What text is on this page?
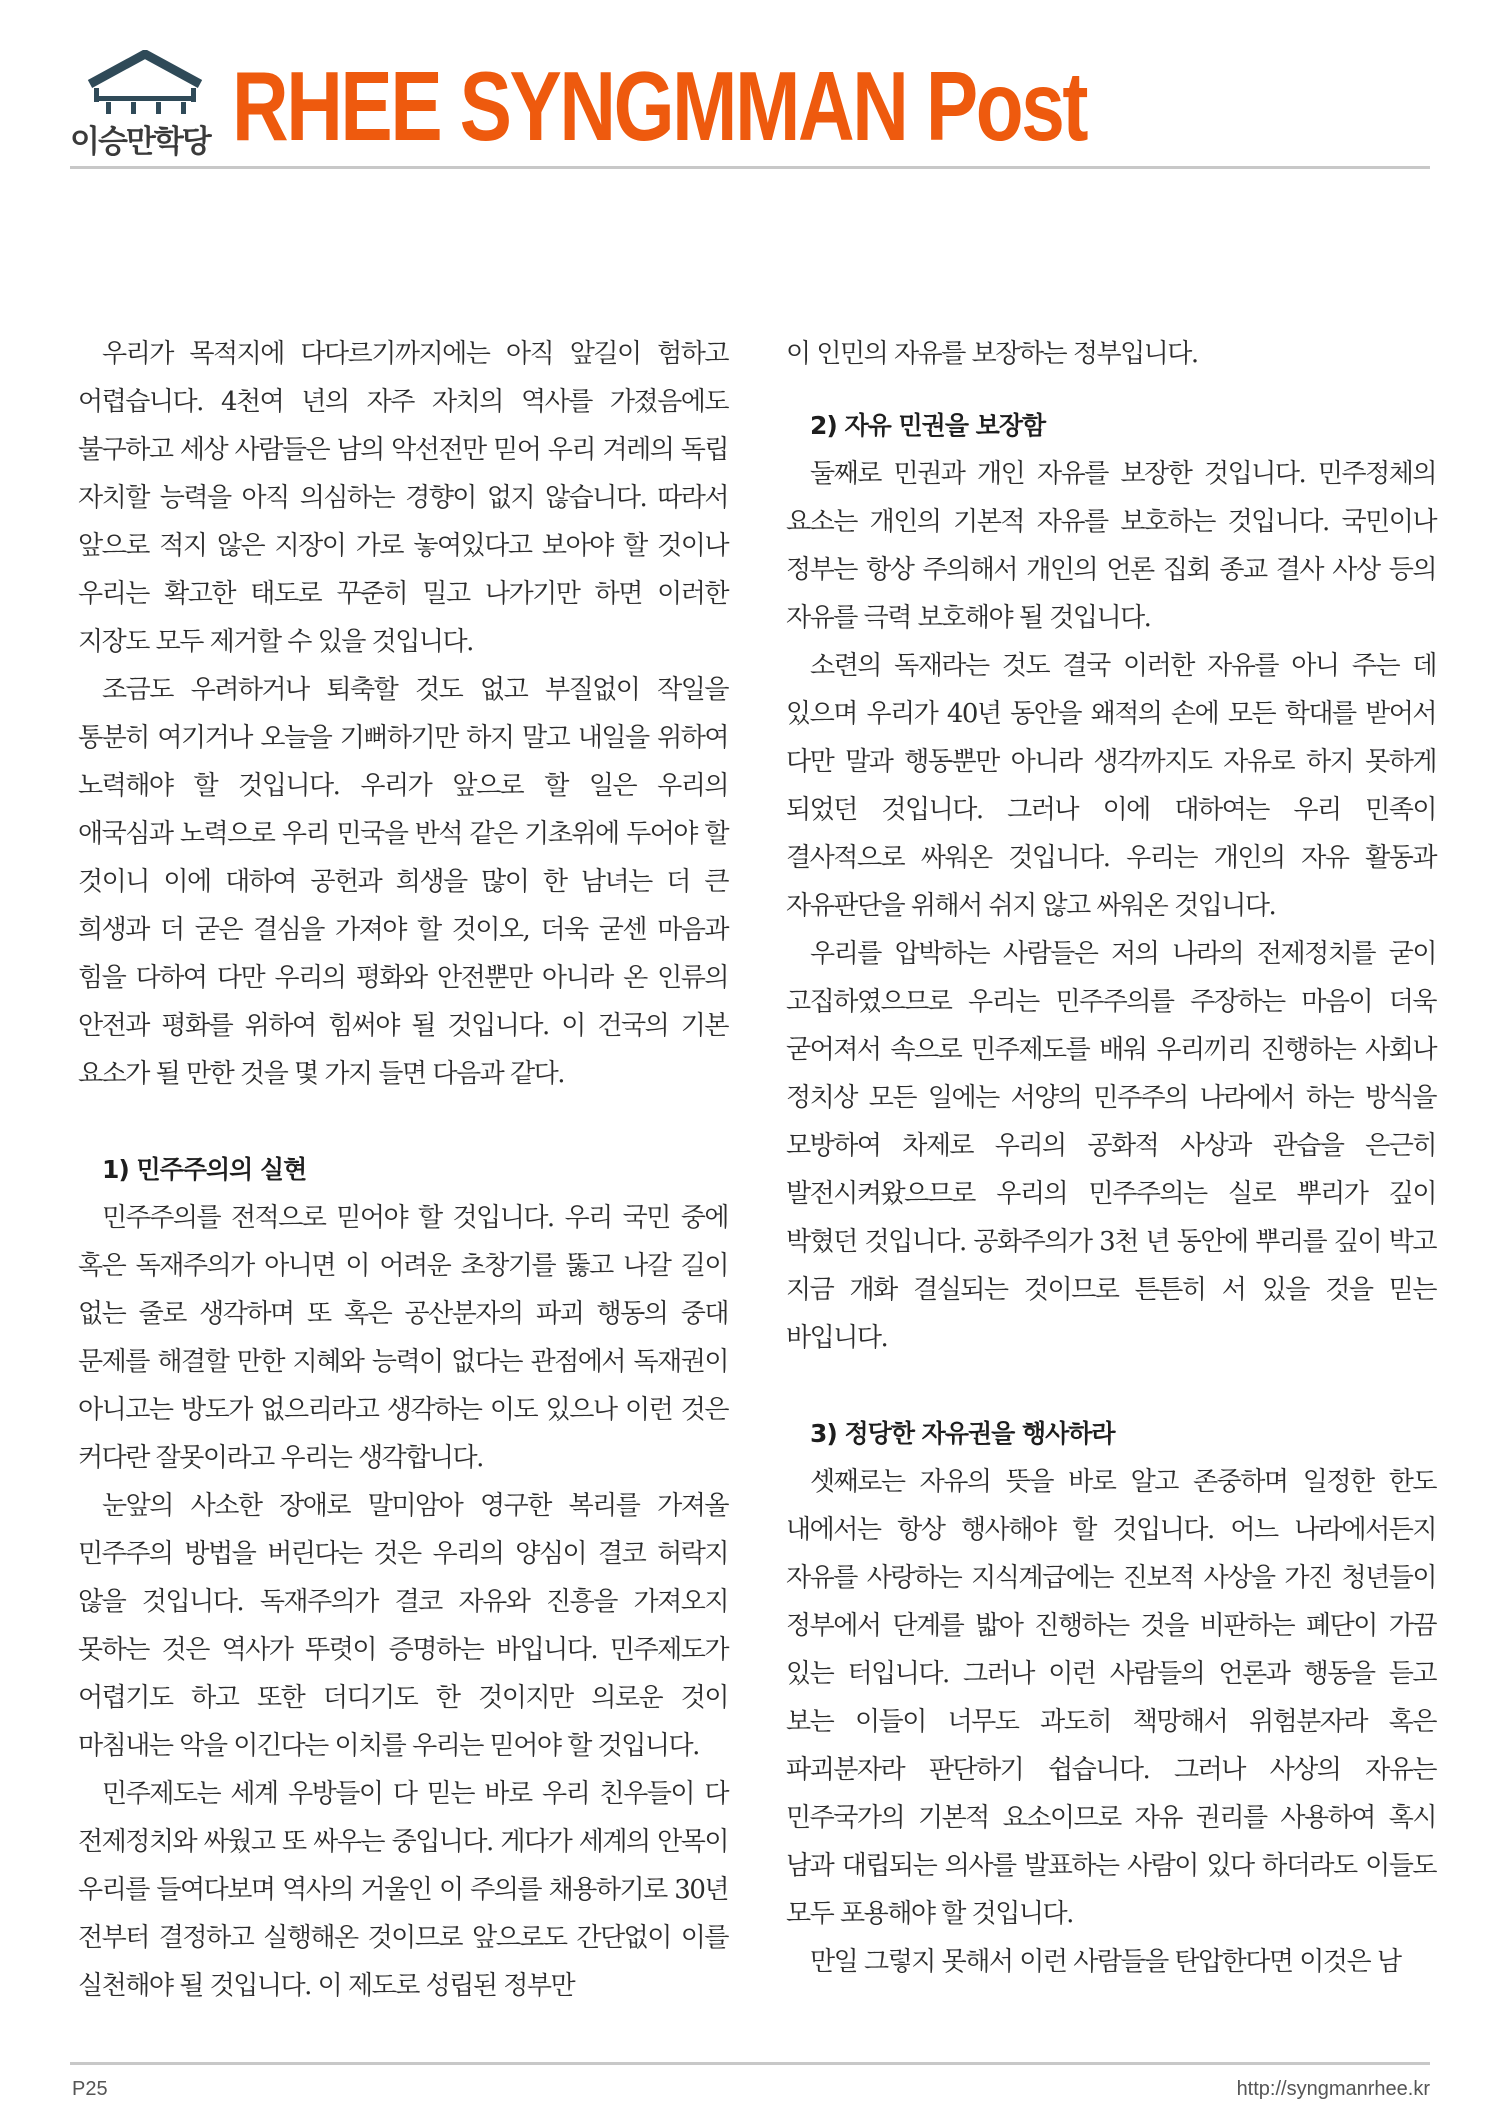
이승만학당 RHEE SYNGMMAN Post

우리가 목적지에 다다르기까지에는 아직 앞길이 험하고 어렵습니다. 4천여 년의 자주 자치의 역사를 가졌음에도 불구하고 세상 사람들은 남의 악선전만 믿어 우리 겨레의 독립 자치할 능력을 아직 의심하는 경향이 없지 않습니다. 따라서 앞으로 적지 않은 지장이 가로 놓여있다고 보아야 할 것이나 우리는 확고한 태도로 꾸준히 밀고 나가기만 하면 이러한 지장도 모두 제거할 수 있을 것입니다.

조금도 우려하거나 퇴축할 것도 없고 부질없이 작일을 통분히 여기거나 오늘을 기뻐하기만 하지 말고 내일을 위하여 노력해야 할 것입니다. 우리가 앞으로 할 일은 우리의 애국심과 노력으로 우리 민국을 반석 같은 기초위에 두어야 할 것이니 이에 대하여 공헌과 희생을 많이 한 남녀는 더 큰 희생과 더 굳은 결심을 가져야 할 것이오, 더욱 굳센 마음과 힘을 다하여 다만 우리의 평화와 안전뿐만 아니라 온 인류의 안전과 평화를 위하여 힘써야 될 것입니다. 이 건국의 기본 요소가 될 만한 것을 몇 가지 들면 다음과 같다.

1) 민주주의의 실현

민주주의를 전적으로 믿어야 할 것입니다. 우리 국민 중에 혹은 독재주의가 아니면 이 어려운 초창기를 뚫고 나갈 길이 없는 줄로 생각하며 또 혹은 공산분자의 파괴 행동의 중대 문제를 해결할 만한 지혜와 능력이 없다는 관점에서 독재권이 아니고는 방도가 없으리라고 생각하는 이도 있으나 이런 것은 커다란 잘못이라고 우리는 생각합니다.

눈앞의 사소한 장애로 말미암아 영구한 복리를 가져올 민주주의 방법을 버린다는 것은 우리의 양심이 결코 허락지 않을 것입니다. 독재주의가 결코 자유와 진흥을 가져오지 못하는 것은 역사가 뚜렷이 증명하는 바입니다. 민주제도가 어렵기도 하고 또한 더디기도 한 것이지만 의로운 것이 마침내는 악을 이긴다는 이치를 우리는 믿어야 할 것입니다.

민주제도는 세계 우방들이 다 믿는 바로 우리 친우들이 다 전제정치와 싸웠고 또 싸우는 중입니다. 게다가 세계의 안목이 우리를 들여다보며 역사의 거울인 이 주의를 채용하기로 30년 전부터 결정하고 실행해온 것이므로 앞으로도 간단없이 이를 실천해야 될 것입니다. 이 제도로 성립된 정부만

이 인민의 자유를 보장하는 정부입니다.

2) 자유 민권을 보장함

둘째로 민권과 개인 자유를 보장한 것입니다. 민주정체의 요소는 개인의 기본적 자유를 보호하는 것입니다. 국민이나 정부는 항상 주의해서 개인의 언론 집회 종교 결사 사상 등의 자유를 극력 보호해야 될 것입니다.

소련의 독재라는 것도 결국 이러한 자유를 아니 주는 데 있으며 우리가 40년 동안을 왜적의 손에 모든 학대를 받어서 다만 말과 행동뿐만 아니라 생각까지도 자유로 하지 못하게 되었던 것입니다. 그러나 이에 대하여는 우리 민족이 결사적으로 싸워온 것입니다. 우리는 개인의 자유 활동과 자유판단을 위해서 쉬지 않고 싸워온 것입니다.

우리를 압박하는 사람들은 저의 나라의 전제정치를 굳이 고집하였으므로 우리는 민주주의를 주장하는 마음이 더욱 굳어져서 속으로 민주제도를 배워 우리끼리 진행하는 사회나 정치상 모든 일에는 서양의 민주주의 나라에서 하는 방식을 모방하여 차제로 우리의 공화적 사상과 관습을 은근히 발전시켜왔으므로 우리의 민주주의는 실로 뿌리가 깊이 박혔던 것입니다. 공화주의가 3천 년 동안에 뿌리를 깊이 박고 지금 개화 결실되는 것이므로 튼튼히 서 있을 것을 믿는 바입니다.

3) 정당한 자유권을 행사하라

셋째로는 자유의 뜻을 바로 알고 존중하며 일정한 한도 내에서는 항상 행사해야 할 것입니다. 어느 나라에서든지 자유를 사랑하는 지식계급에는 진보적 사상을 가진 청년들이 정부에서 단계를 밟아 진행하는 것을 비판하는 폐단이 가끔 있는 터입니다. 그러나 이런 사람들의 언론과 행동을 듣고 보는 이들이 너무도 과도히 책망해서 위험분자라 혹은 파괴분자라 판단하기 쉽습니다. 그러나 사상의 자유는 민주국가의 기본적 요소이므로 자유 권리를 사용하여 혹시 남과 대립되는 의사를 발표하는 사람이 있다 하더라도 이들도 모두 포용해야 할 것입니다.

만일 그렇지 못해서 이런 사람들을 탄압한다면 이것은 남

P25	http://syngmanrhee.kr
